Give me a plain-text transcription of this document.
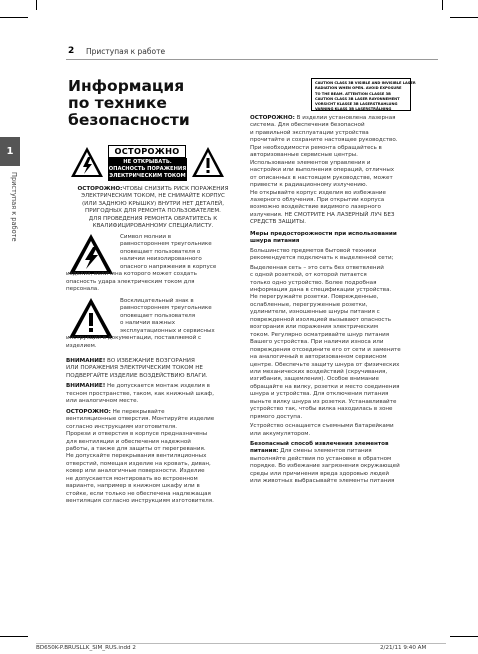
2 Приступая к работе
1
Приступая к работе
Информация
по технике
безопасности
ОСТОРОЖНО
НЕ ОТКРЫВАТЬ.
ОПАСНОСТЬ ПОРАЖЕНИЯ
ЭЛЕКТРИЧЕСКИМ ТОКОМ
CAUTION CLASS 3B VISIBLE AND INVISIBLE LASER
RADIATION WHEN OPEN. AVOID EXPOSURE
TO THE BEAM. ATTENTION CLASSE 3B
CAUTION CLASS 3B LASER RAYONNEMENT
VORSICHT KLASSE 3B LASERSTRAHLUNG
VARNING KLASS 3B LASERSTRÅLNING
ОСТОРОЖНО:ЧТОБЫ СНИЗИТЬ РИСК ПОРАЖЕНИЯ
ЭЛЕКТРИЧЕСКИМ ТОКОМ, НЕ СНИМАЙТЕ КОРПУС
(ИЛИ ЗАДНЮЮ КРЫШКУ) ВНУТРИ НЕТ ДЕТАЛЕЙ,
ПРИГОДНЫХ ДЛЯ РЕМОНТА ПОЛЬЗОВАТЕЛЕМ.
ДЛЯ ПРОВЕДЕНИЯ РЕМОНТА ОБРАТИТЕСЬ К
КВАЛИФИЦИРОВАННОМУ СПЕЦИАЛИСТУ.
Символ молнии в
равностороннем треугольнике
оповещает пользователя о
наличии неизолированного
опасного напряжения в корпусе
изделия, величина которого может создать
опасность удара электрическим током для
персонала.
Восклицательный знак в
равностороннем треугольнике
оповещает пользователя
о наличии важных
эксплуатационных и сервисных
инструкций в документации, поставляемой с
изделием.
ВНИМАНИЕ! ВО ИЗБЕЖАНИЕ ВОЗГОРАНИЯ
ИЛИ ПОРАЖЕНИЯ ЭЛЕКТРИЧЕСКИМ ТОКОМ НЕ
ПОДВЕРГАЙТЕ ИЗДЕЛИЕ ВОЗДЕЙСТВИЮ ВЛАГИ.
ВНИМАНИЕ! Не допускается монтаж изделия в
тесном пространстве, таком, как книжный шкаф,
или аналогичном месте.
ОСТОРОЖНО: Не перекрывайте
вентиляционные отверстия. Монтируйте изделие
согласно инструкциям изготовителя.
Прорези и отверстия в корпусе предназначены
для вентиляции и обеспечения надежной
работы, а также для защиты от перегревания.
Не допускайте перекрывания вентиляционных
отверстий, помещая изделие на кровать, диван,
ковер или аналогичные поверхности. Изделие
не допускается монтировать во встроенном
варианте, например в книжном шкафу или в
стойке, если только не обеспечена надлежащая
вентиляция согласно инструкциям изготовителя.
ОСТОРОЖНО: В изделии установлена лазерная
система. Для обеспечения безопасной
и правильной эксплуатации устройства
прочитайте и сохраните настоящее руководство.
При необходимости ремонта обращайтесь в
авторизованные сервисные центры.
Использование элементов управления и
настройки или выполнения операций, отличных
от описанных в настоящем руководстве, может
привести к радиационному излучению.
Не открывайте корпус изделия во избежание
лазерного облучения. При открытии корпуса
возможно воздействие видимого лазерного
излучения. НЕ СМОТРИТЕ НА ЛАЗЕРНЫЙ ЛУЧ БЕЗ
СРЕДСТВ ЗАЩИТЫ.
Меры предосторожности при использовании
шнура питания
Большинство предметов бытовой техники
рекомендуется подключать к выделенной сети;
Выделенная сеть – это сеть без ответвлений
с одной розеткой, от которой питается
только одно устройство. Более подробная
информация дана в спецификации устройства.
Не перегружайте розетки. Поврежденные,
ослабленные, перегруженные розетки,
удлинители, изношенные шнуры питания с
поврежденной изоляцией вызывают опасность
возгорания или поражения электрическим
током. Регулярно осматривайте шнур питания
Вашего устройства. При наличии износа или
повреждения отсоедините его от сети и замените
на аналогичный в авторизованном сервисном
центре. Обеспечьте защиту шнура от физических
или механических воздействий (скручивания,
изгибания, защемления). Особое внимание
обращайте на вилку, розетки и место соединения
шнура и устройства. Для отключения питания
выньте вилку шнура из розетки. Устанавливайте
устройство так, чтобы вилка находилась в зоне
прямого доступа.
Устройство оснащается съемными батарейками
или аккумулятором.
Безопасный способ извлечения элементов
питания: Для смены элементов питания
выполняйте действия по установке в обратном
порядке. Во избежание загрязнения окружающей
среды или причинения вреда здоровью людей
или животных выбрасывайте элементы питания
BD650K-P.BRUSLLK_SIM_RUS.indd 2	2/21/11 9:40 AM
